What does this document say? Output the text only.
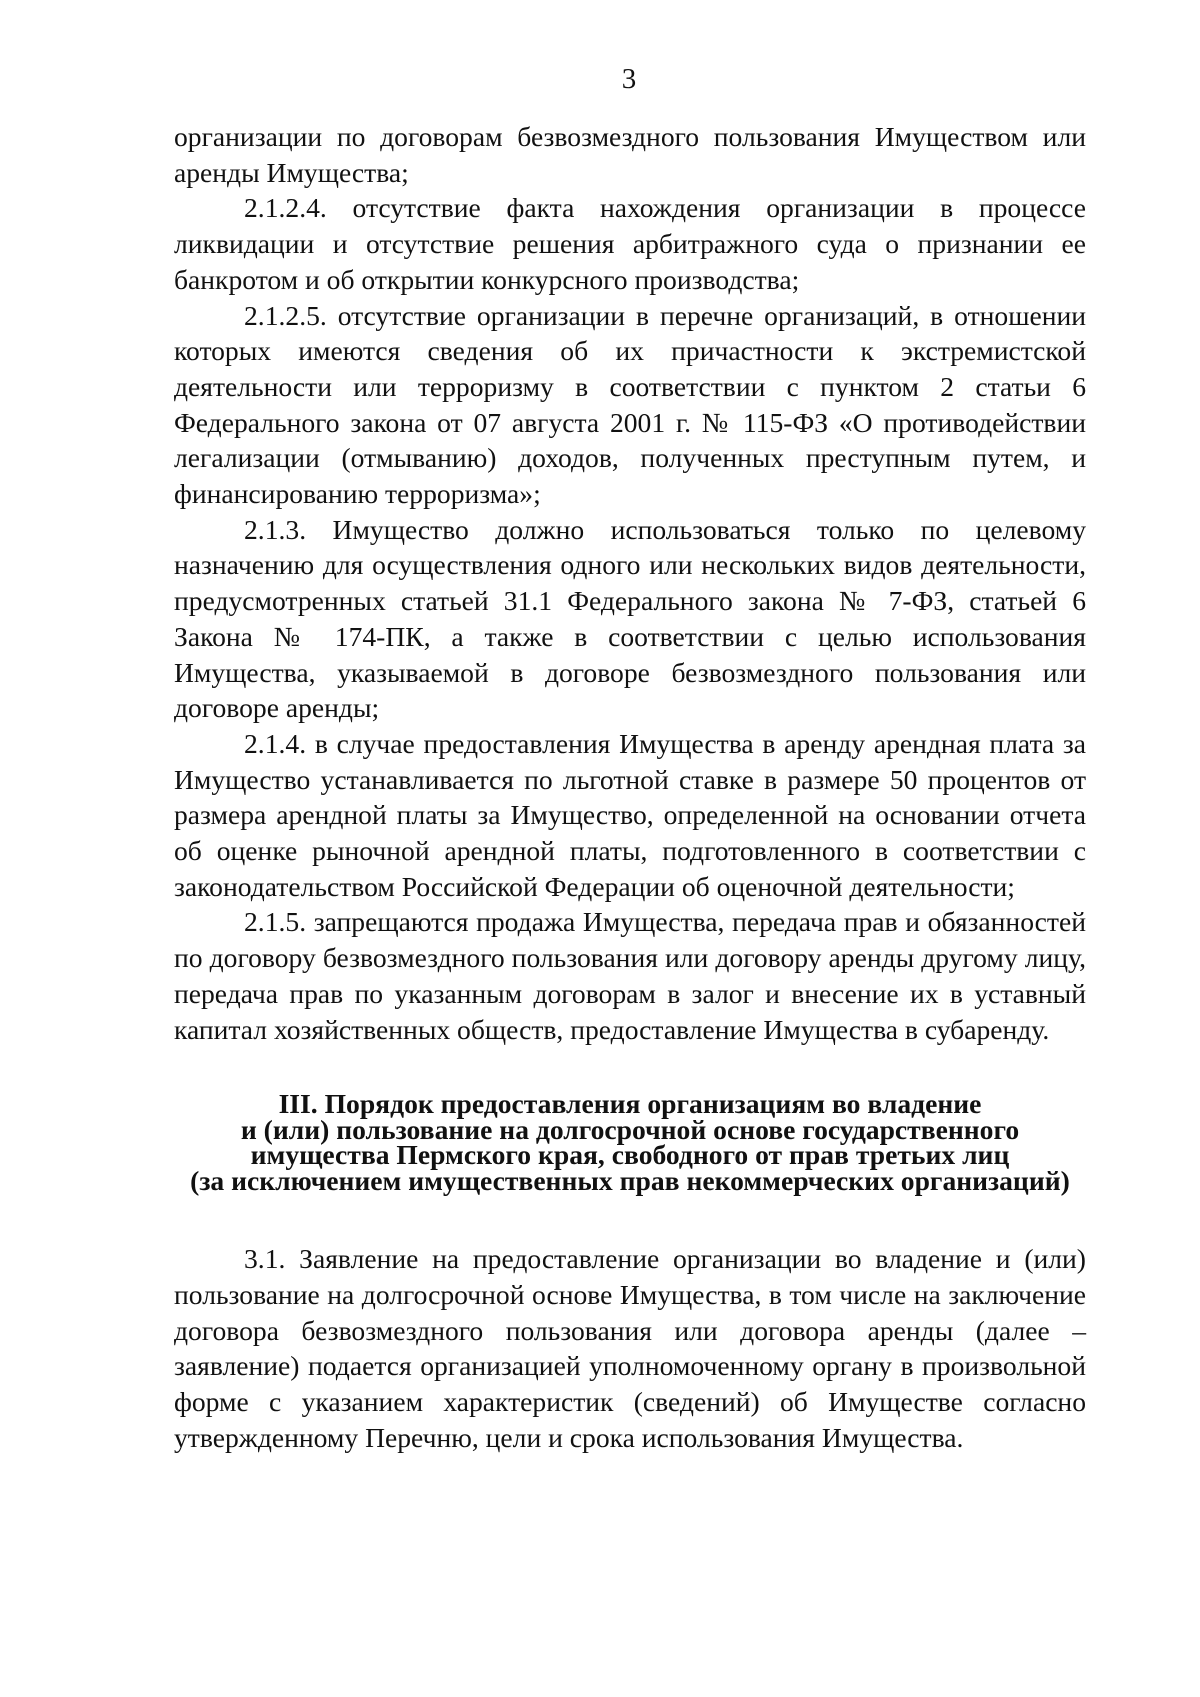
3

организации по договорам безвозмездного пользования Имуществом или аренды Имущества;

2.1.2.4. отсутствие факта нахождения организации в процессе ликвидации и отсутствие решения арбитражного суда о признании ее банкротом и об открытии конкурсного производства;

2.1.2.5. отсутствие организации в перечне организаций, в отношении которых имеются сведения об их причастности к экстремистской деятельности или терроризму в соответствии с пунктом 2 статьи 6 Федерального закона от 07 августа 2001 г. № 115-ФЗ «О противодействии легализации (отмыванию) доходов, полученных преступным путем, и финансированию терроризма»;

2.1.3. Имущество должно использоваться только по целевому назначению для осуществления одного или нескольких видов деятельности, предусмотренных статьей 31.1 Федерального закона № 7-ФЗ, статьей 6 Закона № 174-ПК, а также в соответствии с целью использования Имущества, указываемой в договоре безвозмездного пользования или договоре аренды;

2.1.4. в случае предоставления Имущества в аренду арендная плата за Имущество устанавливается по льготной ставке в размере 50 процентов от размера арендной платы за Имущество, определенной на основании отчета об оценке рыночной арендной платы, подготовленного в соответствии с законодательством Российской Федерации об оценочной деятельности;

2.1.5. запрещаются продажа Имущества, передача прав и обязанностей по договору безвозмездного пользования или договору аренды другому лицу, передача прав по указанным договорам в залог и внесение их в уставный капитал хозяйственных обществ, предоставление Имущества в субаренду.

III. Порядок предоставления организациям во владение
и (или) пользование на долгосрочной основе государственного
имущества Пермского края, свободного от прав третьих лиц
(за исключением имущественных прав некоммерческих организаций)

3.1. Заявление на предоставление организации во владение и (или) пользование на долгосрочной основе Имущества, в том числе на заключение договора безвозмездного пользования или договора аренды (далее – заявление) подается организацией уполномоченному органу в произвольной форме с указанием характеристик (сведений) об Имуществе согласно утвержденному Перечню, цели и срока использования Имущества.
